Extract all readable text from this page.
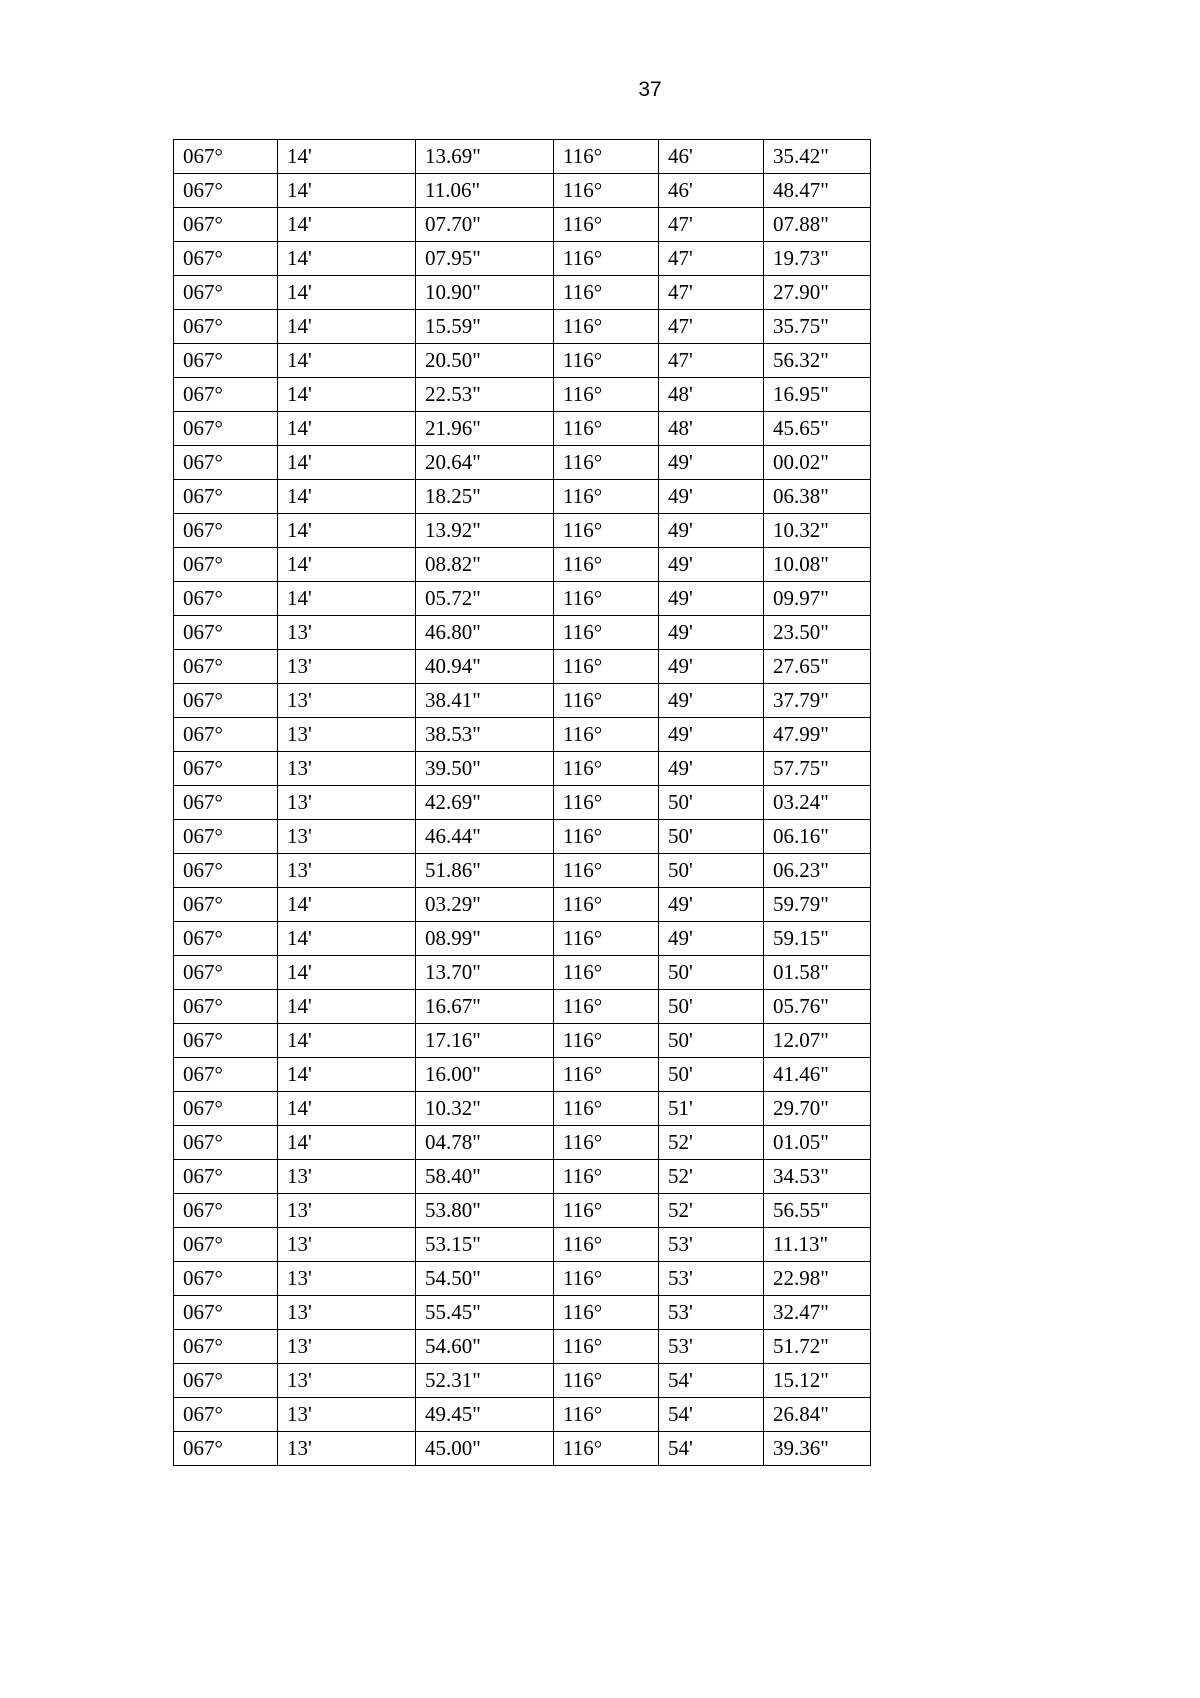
37
067°	14'	13.69"	116°	46'	35.42"
067°	14'	11.06"	116°	46'	48.47"
067°	14'	07.70"	116°	47'	07.88"
067°	14'	07.95"	116°	47'	19.73"
067°	14'	10.90"	116°	47'	27.90"
067°	14'	15.59"	116°	47'	35.75"
067°	14'	20.50"	116°	47'	56.32"
067°	14'	22.53"	116°	48'	16.95"
067°	14'	21.96"	116°	48'	45.65"
067°	14'	20.64"	116°	49'	00.02"
067°	14'	18.25"	116°	49'	06.38"
067°	14'	13.92"	116°	49'	10.32"
067°	14'	08.82"	116°	49'	10.08"
067°	14'	05.72"	116°	49'	09.97"
067°	13'	46.80"	116°	49'	23.50"
067°	13'	40.94"	116°	49'	27.65"
067°	13'	38.41"	116°	49'	37.79"
067°	13'	38.53"	116°	49'	47.99"
067°	13'	39.50"	116°	49'	57.75"
067°	13'	42.69"	116°	50'	03.24"
067°	13'	46.44"	116°	50'	06.16"
067°	13'	51.86"	116°	50'	06.23"
067°	14'	03.29"	116°	49'	59.79"
067°	14'	08.99"	116°	49'	59.15"
067°	14'	13.70"	116°	50'	01.58"
067°	14'	16.67"	116°	50'	05.76"
067°	14'	17.16"	116°	50'	12.07"
067°	14'	16.00"	116°	50'	41.46"
067°	14'	10.32"	116°	51'	29.70"
067°	14'	04.78"	116°	52'	01.05"
067°	13'	58.40"	116°	52'	34.53"
067°	13'	53.80"	116°	52'	56.55"
067°	13'	53.15"	116°	53'	11.13"
067°	13'	54.50"	116°	53'	22.98"
067°	13'	55.45"	116°	53'	32.47"
067°	13'	54.60"	116°	53'	51.72"
067°	13'	52.31"	116°	54'	15.12"
067°	13'	49.45"	116°	54'	26.84"
067°	13'	45.00"	116°	54'	39.36"
